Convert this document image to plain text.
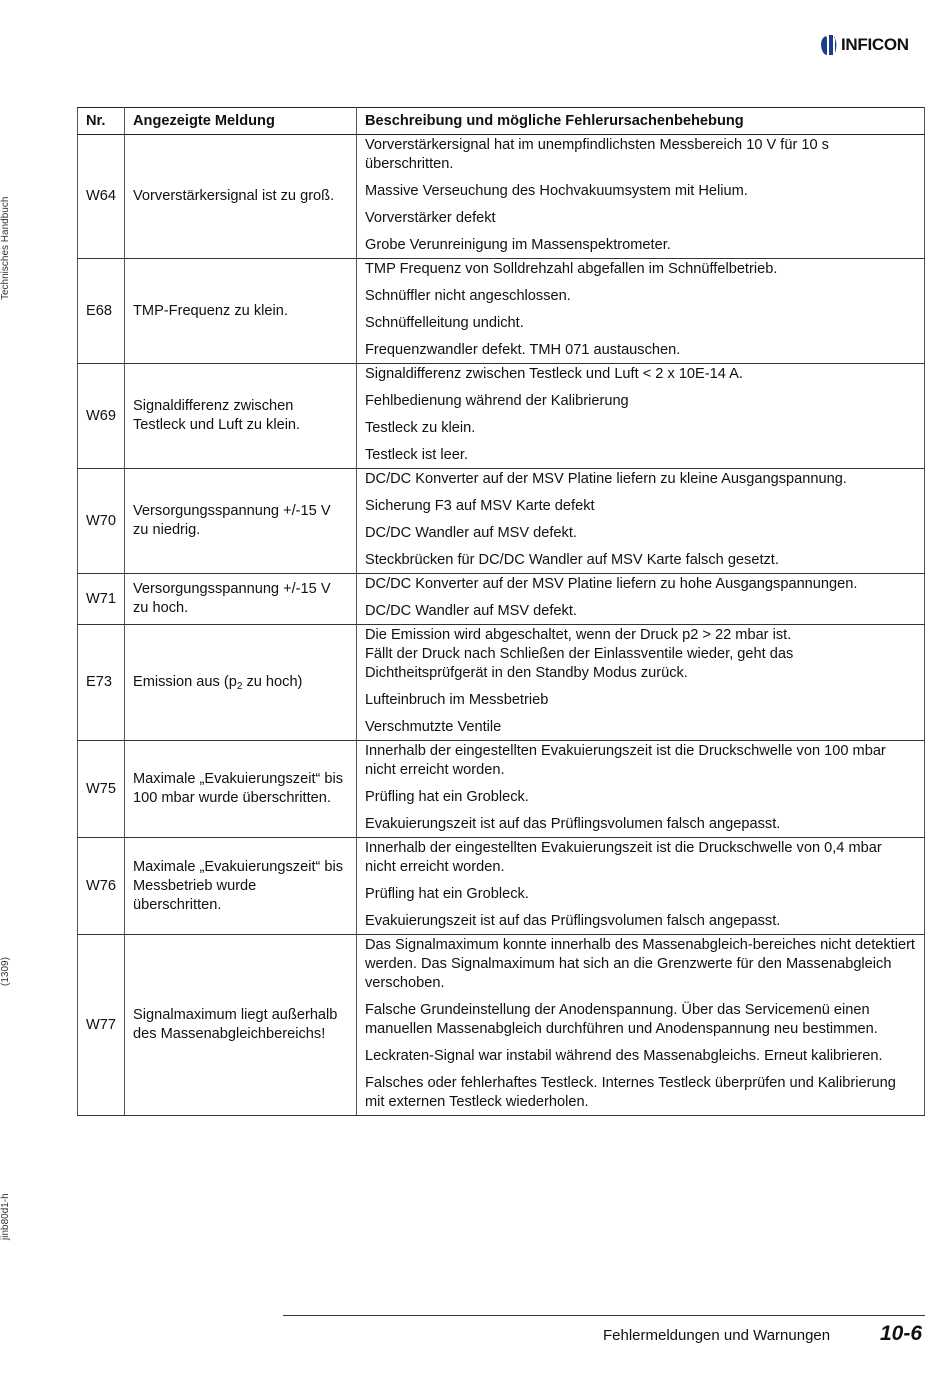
INFICON
Technisches Handbuch
(1309)
jinb80d1-h
Nr.	Angezeigte Meldung	Beschreibung und mögliche Fehlerursachenbehebung
W64	Vorverstärkersignal ist zu groß.	Vorverstärkersignal hat im unempfindlichsten Messbereich 10 V für 10 s überschritten.

Massive Verseuchung des Hochvakuumsystem mit Helium.

Vorverstärker defekt

Grobe Verunreinigung im Massenspektrometer.

E68	TMP-Frequenz zu klein.	TMP Frequenz von Solldrehzahl abgefallen im Schnüffelbetrieb.

Schnüffler nicht angeschlossen.

Schnüffelleitung undicht.

Frequenzwandler defekt. TMH 071 austauschen.

W69	Signaldifferenz zwischen Testleck und Luft zu klein.	Signaldifferenz zwischen Testleck und Luft < 2 x 10E-14 A.

Fehlbedienung während der Kalibrierung

Testleck zu klein.

Testleck ist leer.

W70	Versorgungsspannung +/-15 V zu niedrig.	DC/DC Konverter auf der MSV Platine liefern zu kleine Ausgangspannung.

Sicherung F3 auf MSV Karte defekt

DC/DC Wandler auf MSV defekt.

Steckbrücken für DC/DC Wandler auf MSV Karte falsch gesetzt.

W71	Versorgungsspannung +/-15 V zu hoch.	DC/DC Konverter auf der MSV Platine liefern zu hohe Ausgangspannungen.

DC/DC Wandler auf MSV defekt.

E73	Emission aus ($p_2$ zu hoch)	Die Emission wird abgeschaltet, wenn der Druck p2 > 22 mbar ist.
Fällt der Druck nach Schließen der Einlassventile wieder, geht das Dichtheitsprüfgerät in den Standby Modus zurück.

Lufteinbruch im Messbetrieb

Verschmutzte Ventile

W75	Maximale „Evakuierungszeit“ bis 100 mbar wurde überschritten.	Innerhalb der eingestellten Evakuierungszeit ist die Druckschwelle von 100 mbar nicht erreicht worden.

Prüfling hat ein Grobleck.

Evakuierungszeit ist auf das Prüflingsvolumen falsch angepasst.

W76	Maximale „Evakuierungszeit“ bis Messbetrieb wurde überschritten.	Innerhalb der eingestellten Evakuierungszeit ist die Druckschwelle von 0,4 mbar nicht erreicht worden.

Prüfling hat ein Grobleck.

Evakuierungszeit ist auf das Prüflingsvolumen falsch angepasst.

W77	Signalmaximum liegt außerhalb des Massenabgleichbereichs!	Das Signalmaximum konnte innerhalb des Massenabgleich-bereiches nicht detektiert werden. Das Signalmaximum hat sich an die Grenzwerte für den Massenabgleich verschoben.

Falsche Grundeinstellung der Anodenspannung. Über das Servicemenü einen manuellen Massenabgleich durchführen und Anodenspannung neu bestimmen.

Leckraten-Signal war instabil während des Massenabgleichs. Erneut kalibrieren.

Falsches oder fehlerhaftes Testleck. Internes Testleck überprüfen und Kalibrierung mit externen Testleck wiederholen.

Fehlermeldungen und Warnungen 10-6
